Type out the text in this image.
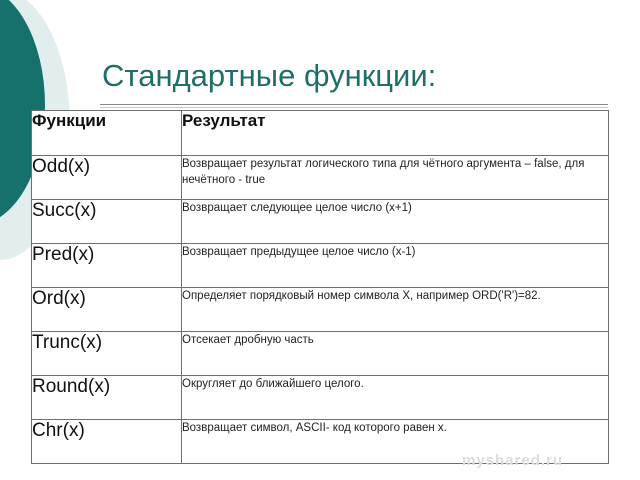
Стандартные функции:
Функции	Результат
Odd(x)	Возвращает результат логического типа для чётного аргумента – false, для нечётного - true
Succ(x)	Возвращает следующее целое число (x+1)
Pred(x)	Возвращает предыдущее целое число (x-1)
Ord(x)	Определяет порядковый номер символа X, например ORD('R')=82.
Trunc(x)	Отсекает дробную часть
Round(x)	Округляет до ближайшего целого.
Chr(x)	Возвращает символ, ASCII- код которого равен x.
myshared.ru
